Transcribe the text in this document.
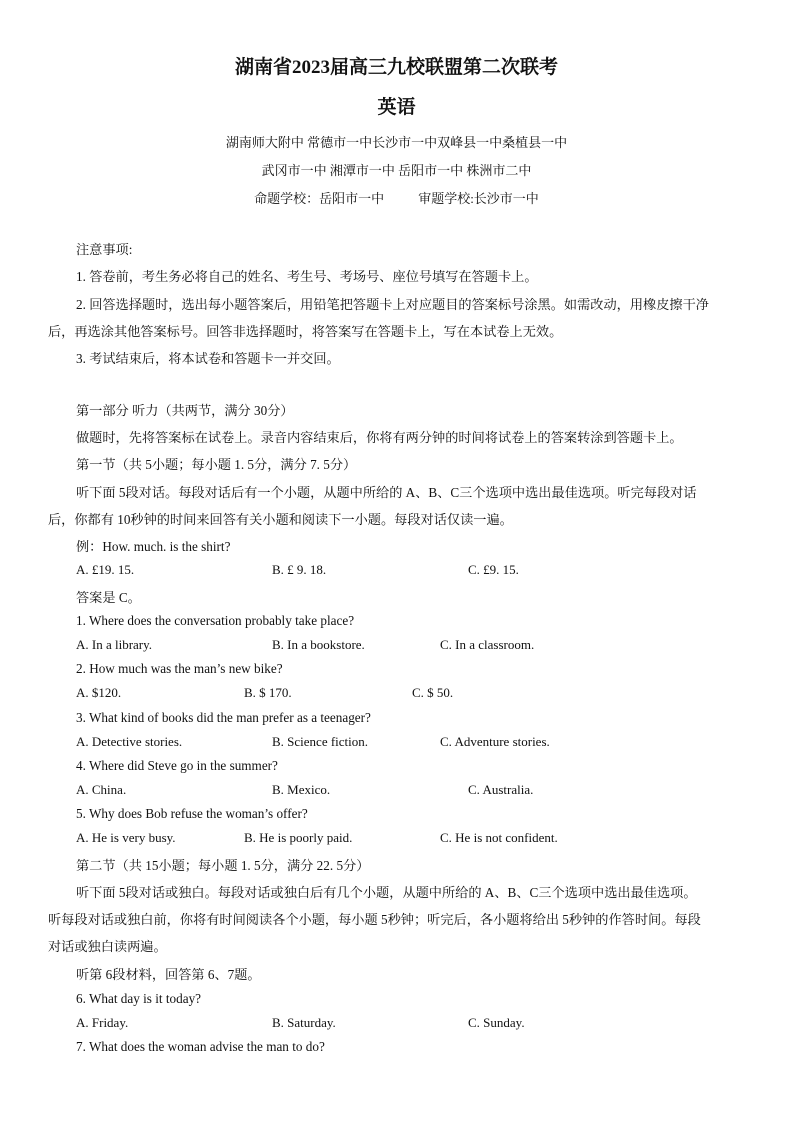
湖南省2023届高三九校联盟第二次联考
英语
湖南师大附中 常德市一中长沙市一中双峰县一中桑植县一中
武冈市一中 湘潭市一中 岳阳市一中 株洲市二中
命题学校：岳阳市一中	审题学校:长沙市一中
注意事项:
1. 答卷前，考生务必将自己的姓名、考生号、考场号、座位号填写在答题卡上。
2. 回答选择题时，选出每小题答案后，用铅笔把答题卡上对应题目的答案标号涂黑。如需改动，用橡皮擦干净
后，再选涂其他答案标号。回答非选择题时，将答案写在答题卡上，写在本试卷上无效。
3. 考试结束后，将本试卷和答题卡一并交回。
第一部分 听力（共两节，满分 30分）
做题时，先将答案标在试卷上。录音内容结束后，你将有两分钟的时间将试卷上的答案转涂到答题卡上。
第一节（共 5小题；每小题 1. 5分，满分 7. 5分）
听下面 5段对话。每段对话后有一个小题，从题中所给的 A、B、C三个选项中选出最佳选项。听完每段对话
后，你都有 10秒钟的时间来回答有关小题和阅读下一小题。每段对话仅读一遍。
例：How. much. is the shirt?
A. £19. 15.	B. £ 9. 18.	C. £9. 15.
答案是 C。
1. Where does the conversation probably take place?
A. In a library.	B. In a bookstore.	C. In a classroom.
2. How much was the man’s new bike?
A. $120.	B. $ 170.	C. $ 50.
3. What kind of books did the man prefer as a teenager?
A. Detective stories.	B. Science fiction.	C. Adventure stories.
4. Where did Steve go in the summer?
A. China.	B. Mexico.	C. Australia.
5. Why does Bob refuse the woman’s offer?
A. He is very busy.	B. He is poorly paid.	C. He is not confident.
第二节（共 15小题；每小题 1. 5分，满分 22. 5分）
听下面 5段对话或独白。每段对话或独白后有几个小题，从题中所给的 A、B、C三个选项中选出最佳选项。
听每段对话或独白前，你将有时间阅读各个小题，每小题 5秒钟；听完后，各小题将给出 5秒钟的作答时间。每段
对话或独白读两遍。
听第 6段材料，回答第 6、7题。
6. What day is it today?
A. Friday.	B. Saturday.	C. Sunday.
7. What does the woman advise the man to do?
